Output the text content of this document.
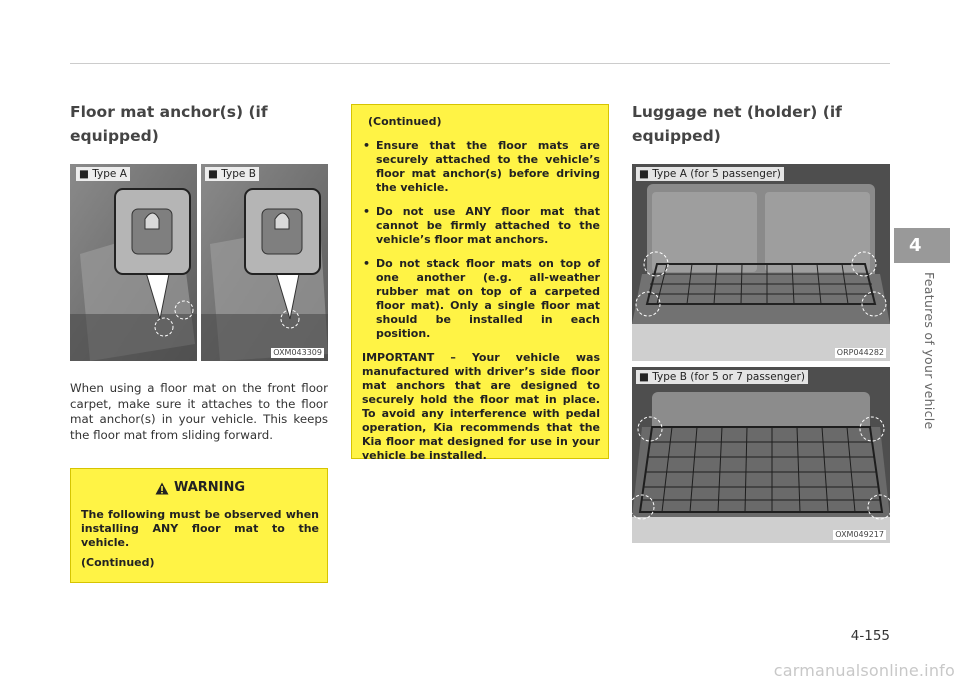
Floor mat anchor(s) (if
equipped)
■ Type A	■ Type B
OXM043309

When using a floor mat on the front floor carpet, make sure it attaches to the floor mat anchor(s) in your vehicle. This keeps the floor mat from sliding forward.

WARNING

The following must be observed when installing ANY floor mat to the vehicle.

(Continued)

(Continued)

• Ensure that the floor mats are securely attached to the vehicle’s floor mat anchor(s) before driving the vehicle.
• Do not use ANY floor mat that cannot be firmly attached to the vehicle’s floor mat anchors.
• Do not stack floor mats on top of one another (e.g. all-weather rubber mat on top of a carpeted floor mat). Only a single floor mat should be installed in each position.

IMPORTANT – Your vehicle was manufactured with driver’s side floor mat anchors that are designed to securely hold the floor mat in place. To avoid any interference with pedal operation, Kia recommends that the Kia floor mat designed for use in your vehicle be installed.

Luggage net (holder) (if
equipped)
■ Type A (for 5 passenger)
ORP044282
■ Type B (for 5 or 7 passenger)
OXM049217
4
Features of your vehicle
4-155
carmanualsonline.info
